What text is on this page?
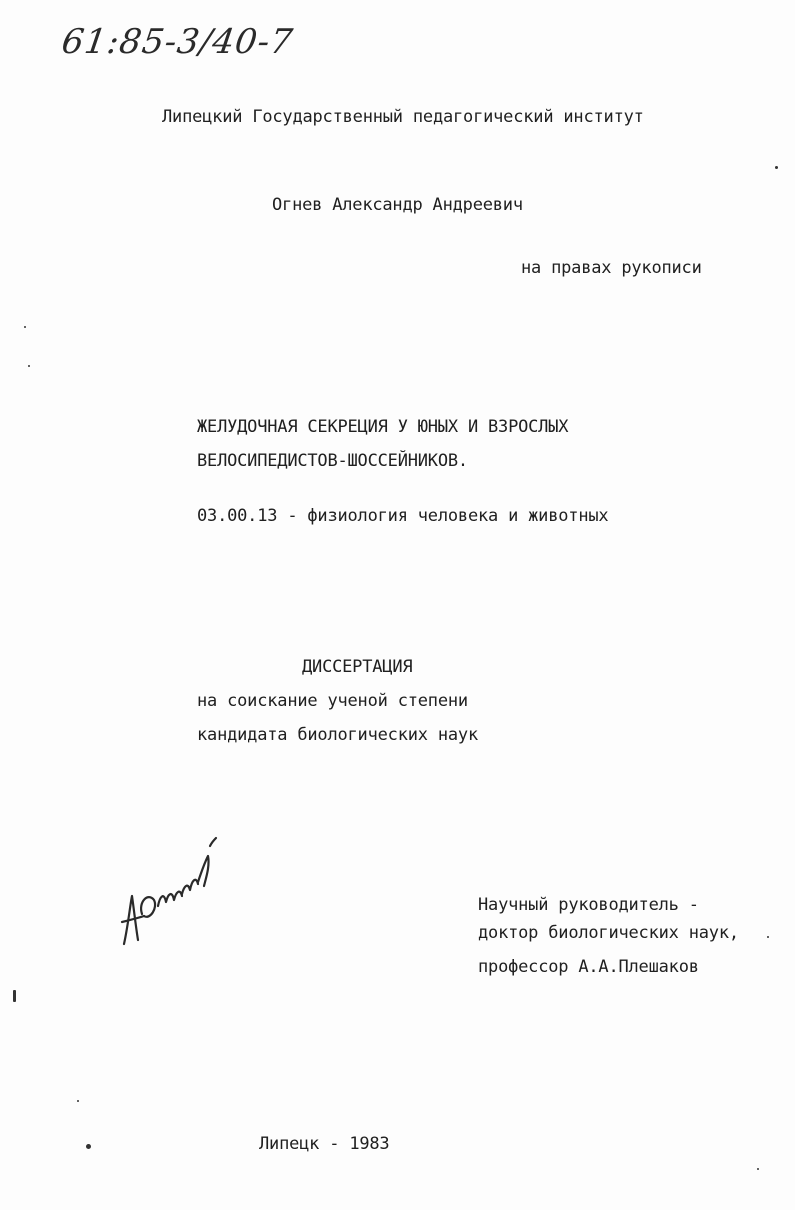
61:85-3/40-7
Липецкий Государственный педагогический институт
Огнев Александр Андреевич
на правах рукописи
ЖЕЛУДОЧНАЯ СЕКРЕЦИЯ У ЮНЫХ И ВЗРОСЛЫХ
ВЕЛОСИПЕДИСТОВ-ШОССЕЙНИКОВ.
03.00.13 - физиология человека и животных
ДИССЕРТАЦИЯ
на соискание ученой степени
кандидата биологических наук
Научный руководитель -
доктор биологических наук,
профессор А.А.Плешаков
Липецк - 1983
